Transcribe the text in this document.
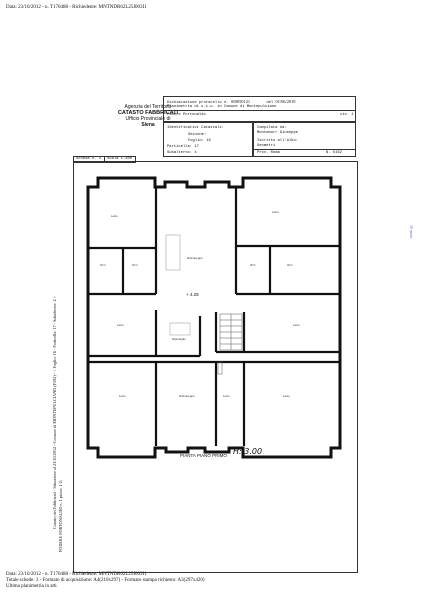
Data: 23/10/2012 - n. T170488 - Richiedente: MNTNDR62L25I003I1
Agenzia del Territorio
CATASTO FABBRICATI
Ufficio Provinciale di
Siena
Dichiarazione protocollo n. SI0050121	del 01/06/2010
Planimetria di u.i.u. in Comune di Montepulciano
Podere Portonaldo	civ. 1
Identificativi Catastali:
Sezione:
Foglio: 16
Particella: 17
Subalterno: 4
Compilata da:
Montemurr Giuseppe
Iscritto all'albo:
Geometri
Prov. Roma	N. 5162
Scheda n. 2 Scala 1:200
Letto
Letto
W.C.	W.C.	W.C.	W.C.
Disimpegno
Letto	Letto
Ripostiglio
Letto	Disimpegno	Letto	Letto
+ 4.28
PIANTA PIANO PRIMO H: 3.00
10 metri
Catasto dei Fabbricati - Situazione al 23/10/2012 - Comune di MONTEPULCIANO (F592) - < Foglio: 16 - Particella: 17 - Subalterno: 4 > PODERE PORTONALDO n. 1 piano: 1-2;
Data: 23/10/2012 - n. T170488 - Richiedente: MNTNDR62L25I003I1
Totale schede: 3 - Formato di acquisizione: A4(210x297) - Formato stampa richiesto: A3(297x420)
Ultima planimetria in atti
